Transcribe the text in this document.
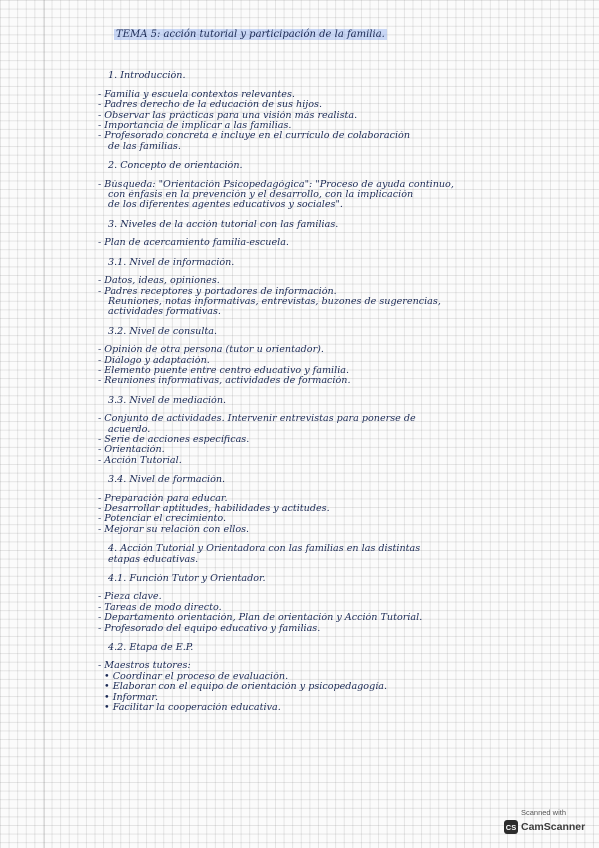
TEMA 5: acción tutorial y participación de la familia.
1. Introducción.
- Familia y escuela contextos relevantes.
- Padres derecho de la educación de sus hijos.
- Observar las prácticas para una visión más realista.
- Importancia de implicar a las familias.
- Profesorado concreta e incluye en el currículo de colaboración
de las familias.
2. Concepto de orientación.
- Búsqueda: "Orientación Psicopedagógica": "Proceso de ayuda continuo,
con énfasis en la prevención y el desarrollo, con la implicación
de los diferentes agentes educativos y sociales".
3. Niveles de la acción tutorial con las familias.
- Plan de acercamiento familia-escuela.
3.1. Nivel de información.
- Datos, ideas, opiniones.
- Padres receptores y portadores de información.
Reuniones, notas informativas, entrevistas, buzones de sugerencias,
actividades formativas.
3.2. Nivel de consulta.
- Opinión de otra persona (tutor u orientador).
- Diálogo y adaptación.
- Elemento puente entre centro educativo y familia.
- Reuniones informativas, actividades de formación.
3.3. Nivel de mediación.
- Conjunto de actividades. Intervenir entrevistas para ponerse de
acuerdo.
- Serie de acciones específicas.
- Orientación.
- Acción Tutorial.
3.4. Nivel de formación.
- Preparación para educar.
- Desarrollar aptitudes, habilidades y actitudes.
- Potenciar el crecimiento.
- Mejorar su relación con ellos.
4. Acción Tutorial y Orientadora con las familias en las distintas
etapas educativas.
4.1. Función Tutor y Orientador.
- Pieza clave.
- Tareas de modo directo.
- Departamento orientación, Plan de orientación y Acción Tutorial.
- Profesorado del equipo educativo y familias.
4.2. Etapa de E.P.
- Maestros tutores:
• Coordinar el proceso de evaluación.
• Elaborar con el equipo de orientación y psicopedagogía.
• Informar.
• Facilitar la cooperación educativa.
Scanned with
CS CamScanner
